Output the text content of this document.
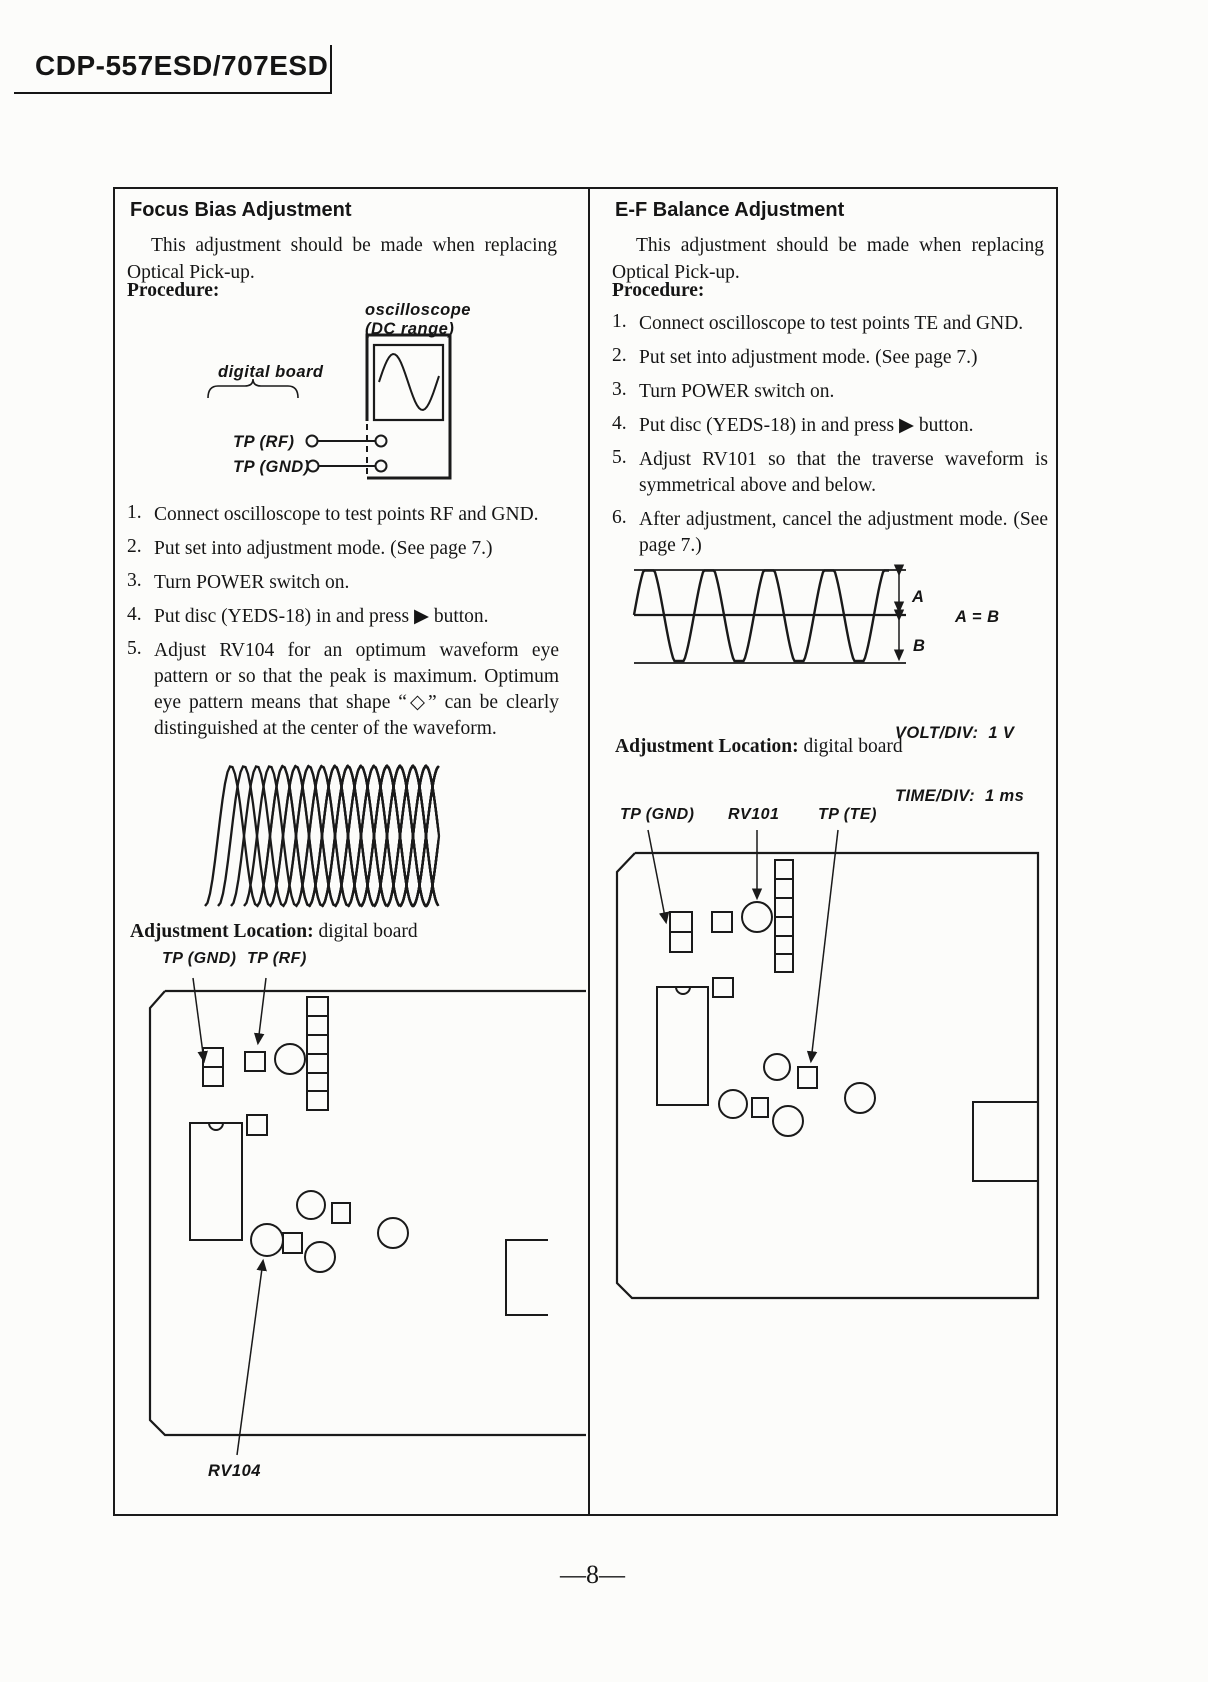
CDP-557ESD/707ESD
Focus Bias Adjustment
This adjustment should be made when replacing Optical Pick-up.
Procedure:
oscilloscope
(DC range)
digital board
TP (RF)
TP (GND)
1. Connect oscilloscope to test points RF and GND.
2. Put set into adjustment mode. (See page 7.)
3. Turn POWER switch on.
4. Put disc (YEDS-18) in and press ▶ button.
5. Adjust RV104 for an optimum waveform eye pattern or so that the peak is maximum. Optimum eye pattern means that shape “◇” can be clearly distinguished at the center of the waveform.
Adjustment Location: digital board
TP (GND) TP (RF)
RV104
E-F Balance Adjustment
This adjustment should be made when replacing Optical Pick-up.
Procedure:
1. Connect oscilloscope to test points TE and GND.
2. Put set into adjustment mode. (See page 7.)
3. Turn POWER switch on.
4. Put disc (YEDS-18) in and press ▶ button.
5. Adjust RV101 so that the traverse waveform is symmetrical above and below.
6. After adjustment, cancel the adjustment mode. (See page 7.)
A
B
A = B

VOLT/DIV:  1 V

TIME/DIV:  1 ms

Adjustment Location: digital board
TP (GND) RV101 TP (TE)
—8—
